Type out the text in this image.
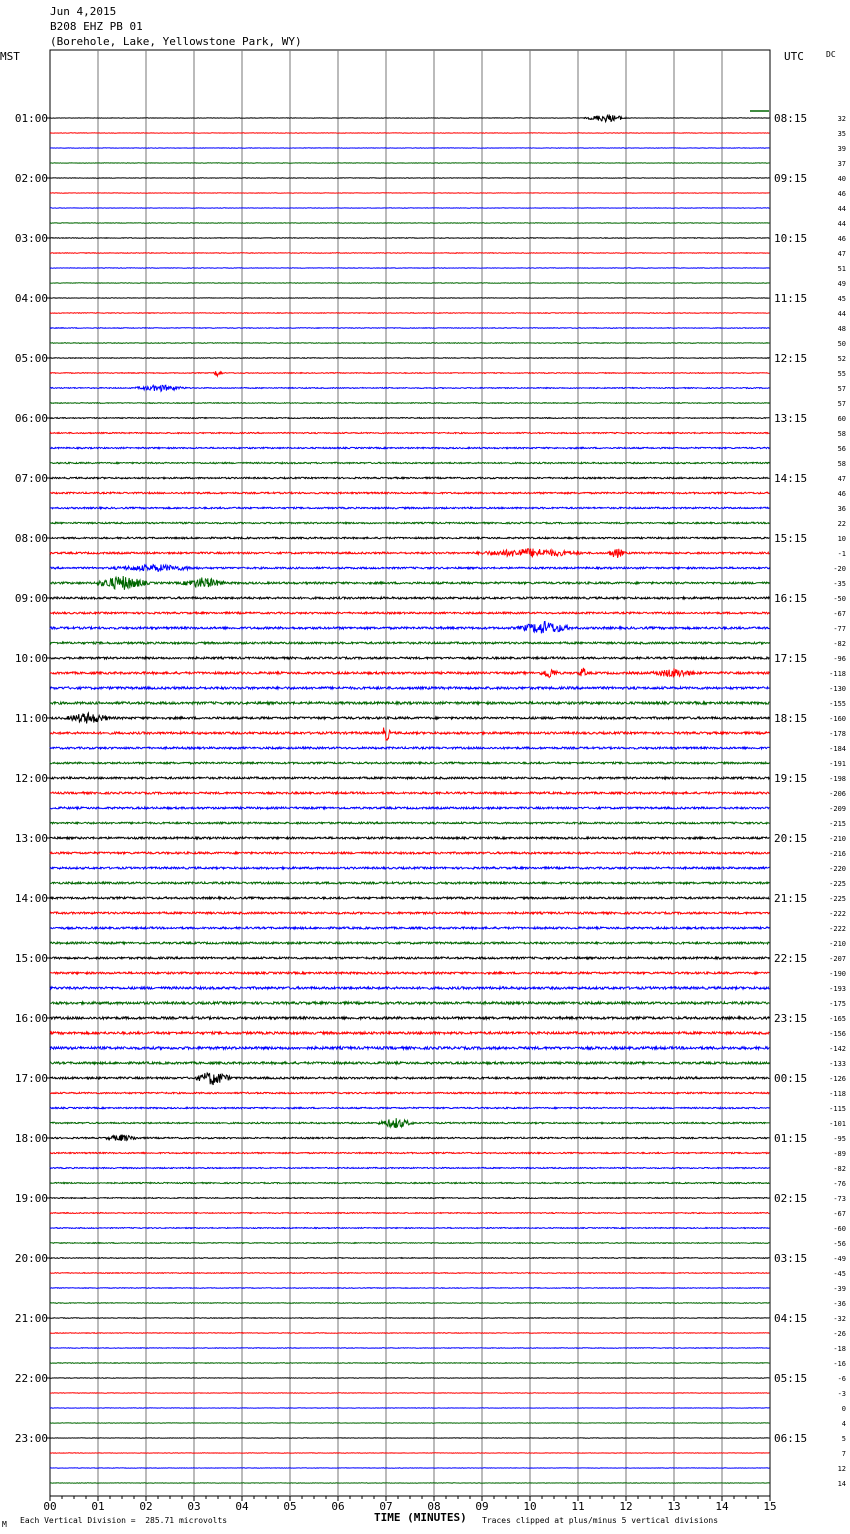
Jun 4,2015
B208 EHZ PB 01
(Borehole, Lake, Yellowstone Park, WY)
MST	UTC	DC
32
35
39
37
40
46
44
44
46
47
51
49
45
44
48
50
52
55
57
57
60
58
56
58
47
46
36
22
10
-1
-20
-35
-50
-67
-77
-82
-96
-118
-130
-155
-160
-178
-184
-191
-198
-206
-209
-215
-210
-216
-220
-225
-225
-222
-222
-210
-207
-190
-193
-175
-165
-156
-142
-133
-126
-118
-115
-101
-95
-89
-82
-76
-73
-67
-60
-56
-49
-45
-39
-36
-32
-26
-18
-16
-6
-3
0
4
5
7
12
14
01:00
02:00
03:00
04:00
05:00
06:00
07:00
08:00
09:00
10:00
11:00
12:00
13:00
14:00
15:00
16:00
17:00
18:00
19:00
20:00
21:00
22:00
23:00
08:15
09:15
10:15
11:15
12:15
13:15
14:15
15:15
16:15
17:15
18:15
19:15
20:15
21:15
22:15
23:15
00:15
01:15
02:15
03:15
04:15
05:15
06:15
00	01	02	03	04	05	06	07	08	09	10	11	12	13	14	15
TIME (MINUTES)
Each Vertical Division =  285.71 microvolts	Traces clipped at plus/minus 5 vertical divisions
M
